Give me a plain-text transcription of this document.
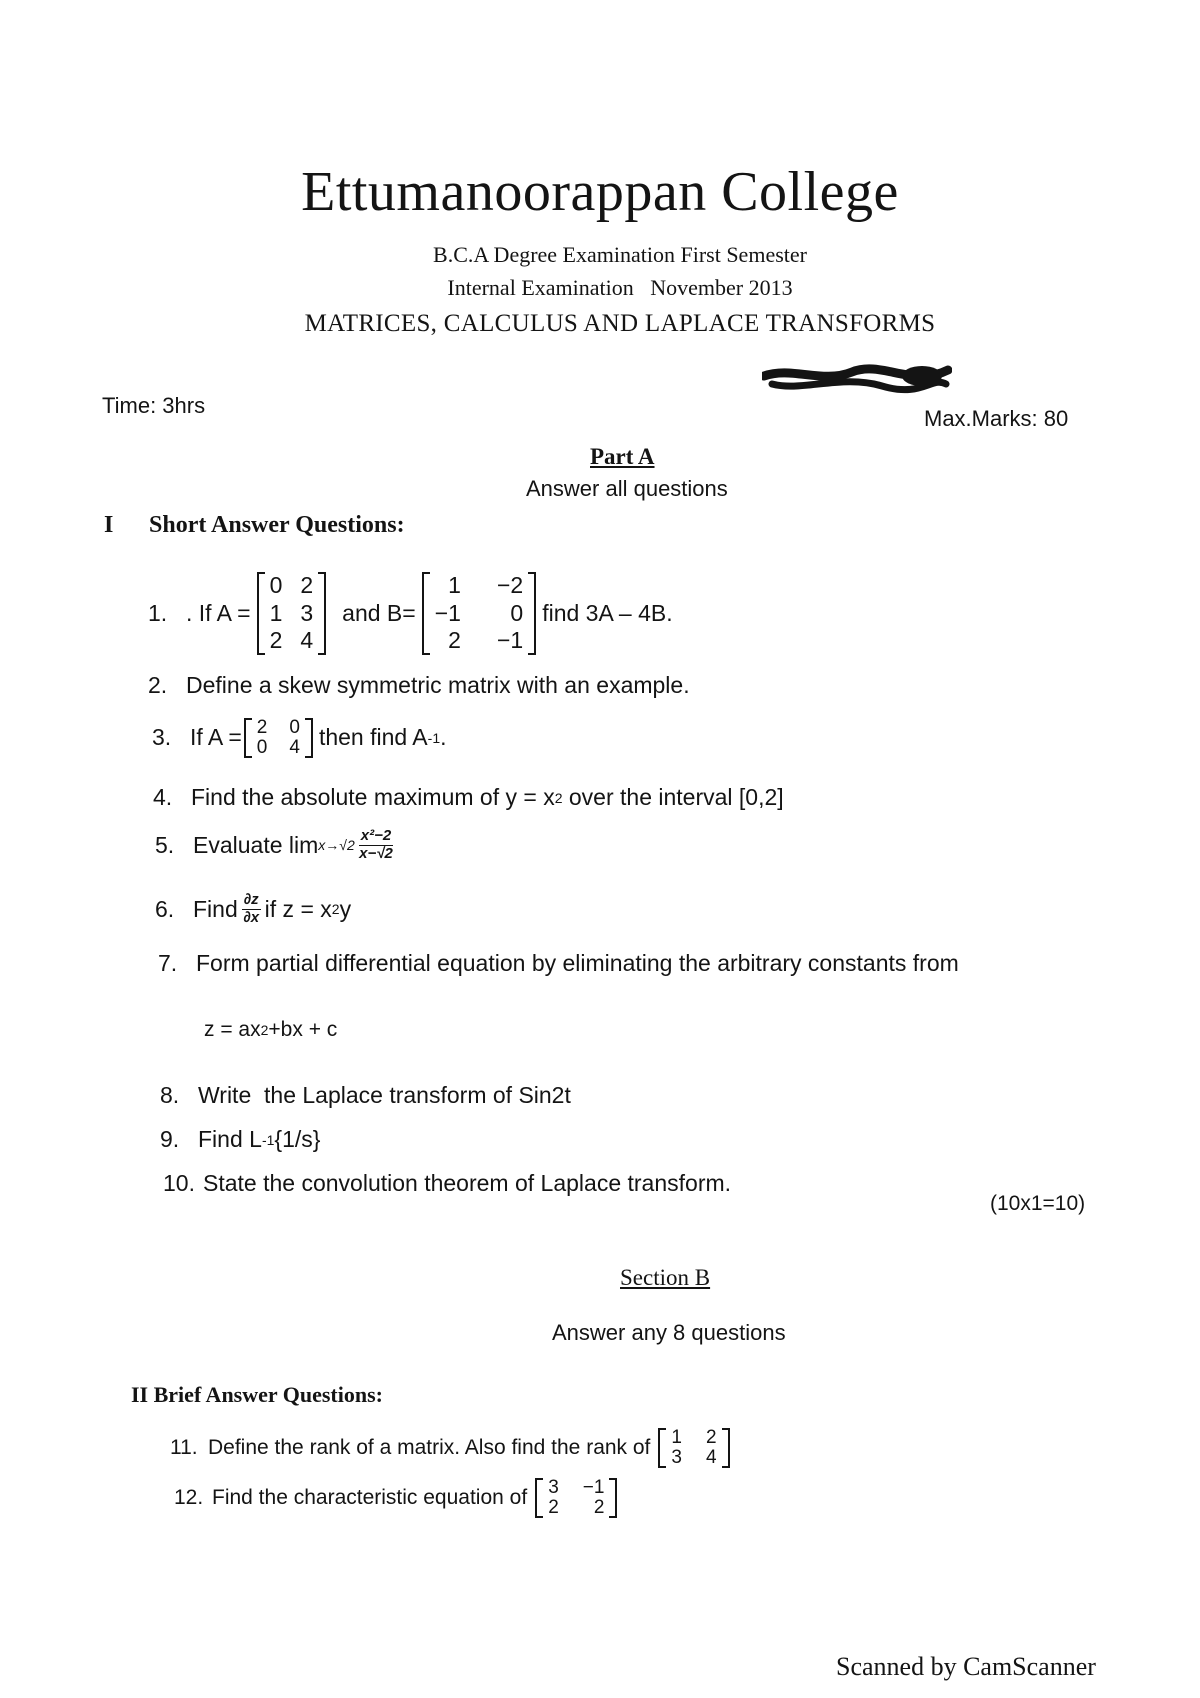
Ettumanoorappan College
B.C.A Degree Examination First Semester
Internal Examination   November 2013
MATRICES, CALCULUS AND LAPLACE TRANSFORMS
Time: 3hrs
Max.Marks: 80
Part A
Answer all questions
I Short Answer Questions:
1. . If A =
0 2
1 3
2 4
and B=
1 −2
−1	0
2 −1
find 3A – 4B.
2. Define a skew symmetric matrix with an example.
3. If A = 2 0
0 4 then find A -1 .
4. Find the absolute maximum of y = x 2 over the interval [0,2]
5. Evaluate $\lim x\to√2 \frac{\text{x²−2}}{x-√2}$
6. Find $\frac{\partial z}{\partial x}$ if z = x 2 y
7. Form partial differential equation by eliminating the arbitrary constants from
z = ax 2 +bx + c
8. Write  the Laplace transform of Sin2t
9. Find L -1 {1/s}
10. State the convolution theorem of Laplace transform.
(10x1=10)
Section B
Answer any 8 questions
II Brief Answer Questions:
11. Define the rank of a matrix. Also find the rank of 1 2
3 4
12. Find the characteristic equation of 3 −1
2	2
Scanned by CamScanner
